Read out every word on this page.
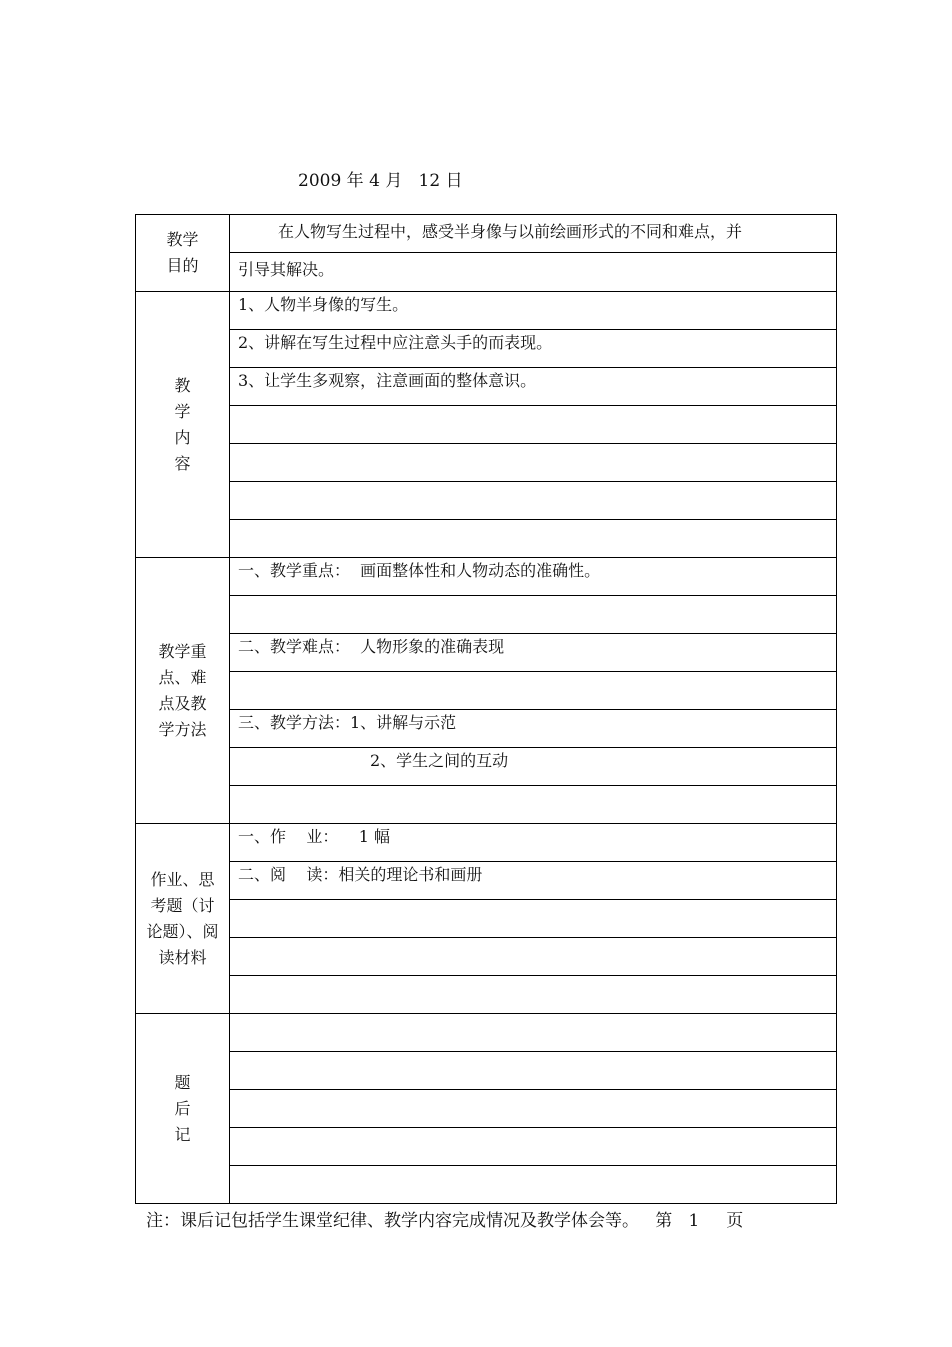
2009 年 4 月 12 日
教学
目的	在人物写生过程中，感受半身像与以前绘画形式的不同和难点，并

	引导其解决。

教
学
内
容	1、人物半身像的写生。

	2、讲解在写生过程中应注意头手的而表现。

	3、让学生多观察，注意画面的整体意识。

教学重
点、难
点及教
学方法	一、教学重点：  画面整体性和人物动态的准确性。

	二、教学难点：  人物形象的准确表现

	三、教学方法：1、讲解与示范

	2、学生之间的互动

作业、思
考题（讨
论题）、阅
读材料	一、作    业：    1 幅

	二、阅    读：相关的理论书和画册

题
后
记	

注：课后记包括学生课堂纪律、教学内容完成情况及教学体会等。 第 1 页
